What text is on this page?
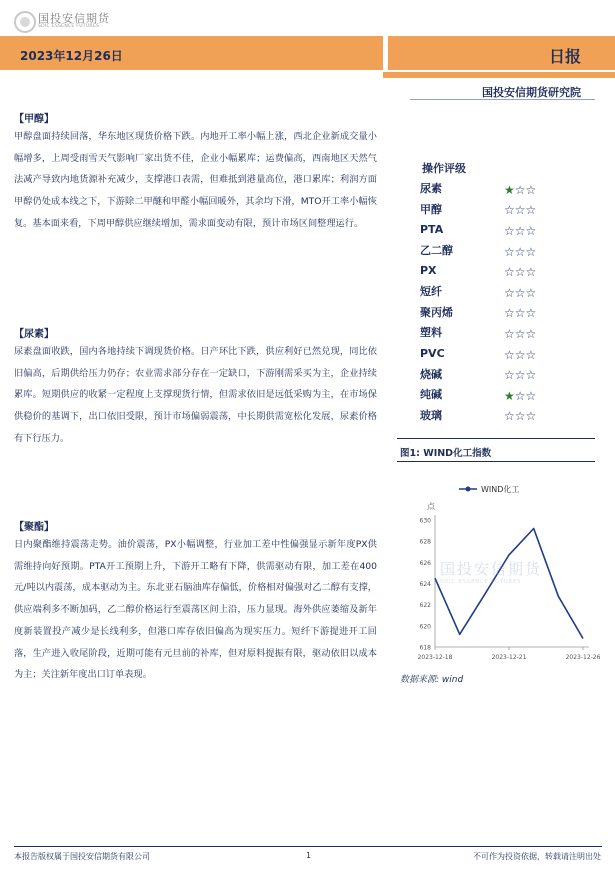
国投安信期货
SDIC ESSENCE FUTURES
2023年12月26日	日报
国投安信期货研究院
【甲醇】
甲醇盘面持续回落，华东地区现货价格下跌。内地开工率小幅上涨，西北企业新成交量小幅增多，上周受雨雪天气影响厂家出货不佳，企业小幅累库；运费偏高，西南地区天然气法减产导致内地货源补充减少，支撑港口表需，但难抵到港量高位，港口累库；利润方面甲醇仍处成本线之下，下游除二甲醚和甲醛小幅回暖外，其余均下滑，MTO开工率小幅恢复。基本面来看，下周甲醇供应继续增加，需求面变动有限，预计市场区间整理运行。
【尿素】
尿素盘面收跌，国内各地持续下调现货价格。日产环比下跌，供应利好已然兑现，同比依旧偏高，后期供给压力仍存；农业需求部分存在一定缺口，下游刚需采买为主，企业持续累库。短期供应的收紧一定程度上支撑现货行情，但需求依旧是远低采购为主，在市场保供稳价的基调下，出口依旧受限，预计市场偏弱震荡，中长期供需宽松化发展，尿素价格有下行压力。
【聚酯】
日内聚酯维持震荡走势。油价震荡，PX小幅调整，行业加工差中性偏强显示新年度PX供需维持向好预期。PTA开工预期上升，下游开工略有下降，供需驱动有限，加工差在400元/吨以内震荡，成本驱动为主。东北亚石脑油库存偏低，价格相对偏强对乙二醇有支撑，供应端利多不断加码，乙二醇价格运行至震荡区间上沿，压力显现。海外供应萎缩及新年度新装置投产减少是长线利多，但港口库存依旧偏高为现实压力。短纤下游提进开工回落，生产进入收尾阶段，近期可能有元旦前的补库，但对原料提振有限，驱动依旧以成本为主；关注新年度出口订单表现。
操作评级
尿素	★☆☆
甲醇	☆☆☆
PTA	☆☆☆
乙二醇	☆☆☆
PX	☆☆☆
短纤	☆☆☆
聚丙烯	☆☆☆
塑料	☆☆☆
PVC	☆☆☆
烧碱	☆☆☆
纯碱	★☆☆
玻璃	☆☆☆
图1: WIND化工指数
WIND化工
点
618
620
622
624
626
628
630
2023-12-18	2023-12-21	2023-12-26
数据来源: wind
国投安信期货
SDIC ESSENCE FUTURES
本报告版权属于国投安信期货有限公司	1	不可作为投资依据，转载请注明出处
